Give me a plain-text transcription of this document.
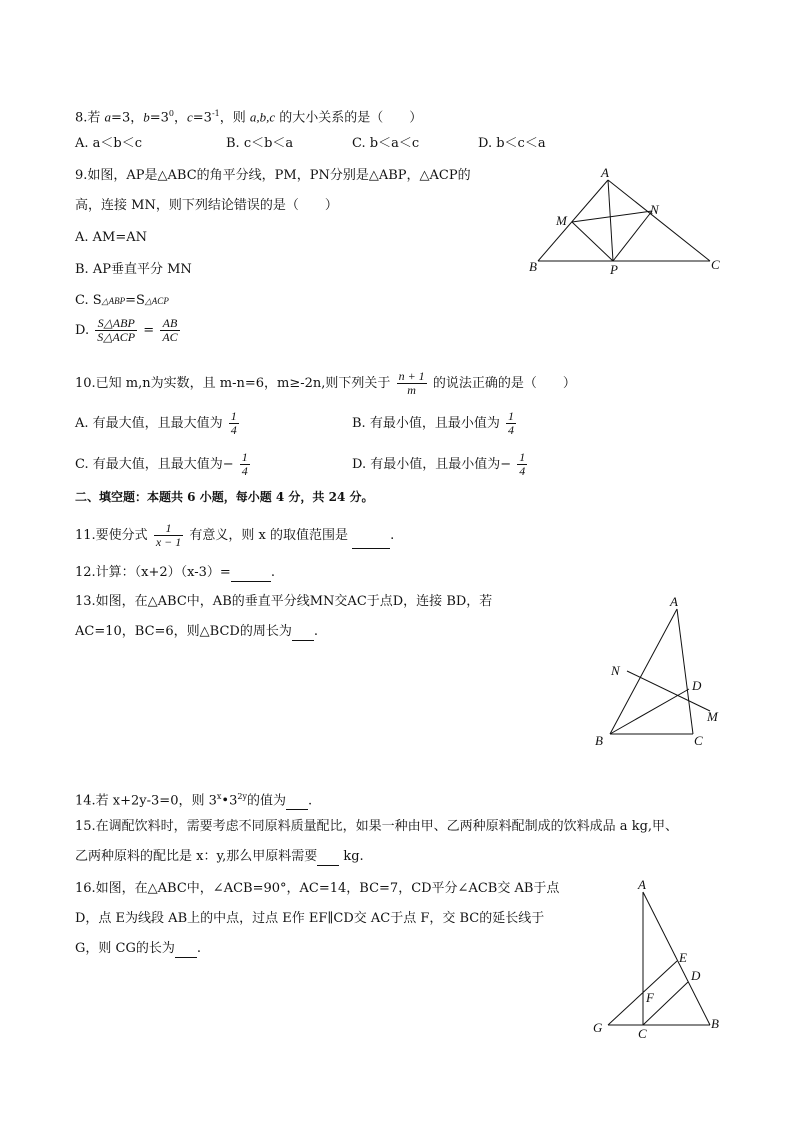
8.若 a=3，$b=3^0$，$c=3^{-1}$，则 a,b,c 的大小关系的是（　　）
A. a＜b＜c	B. c＜b＜a	C. b＜a＜c	D. b＜c＜a
9.如图，AP是△ABC的角平分线，PM，PN分别是△ABP，△ACP的
高，连接 MN，则下列结论错误的是（　　）
A. AM=AN
B. AP垂直平分 MN
C. S△ABP=S△ACP
D. $\frac{\text{S△ABP}}{\text{S△ACP}} = \frac{AB}{AC}$
A
M
N
B	P	C
10.已知 m,n为实数，且 m-n=6，m≥-2n,则下列关于 $\frac{n + 1}{m}$ 的说法正确的是（　　）
A. 有最大值，且最大值为 $\frac{1}{4}$	B. 有最小值，且最小值为 $\frac{1}{4}$
C. 有最大值，且最大值为− $\frac{1}{4}$	D. 有最小值，且最小值为− $\frac{1}{4}$
二、填空题：本题共 6 小题，每小题 4 分，共 24 分。
11.要使分式 $\frac{1}{x - 1}$ 有意义，则 x 的取值范围是	.
12.计算：（x+2）（x-3）=	.
13.如图，在△ABC中，AB的垂直平分线MN交AC于点D，连接 BD，若
AC=10，BC=6，则△BCD的周长为 .
A
N
D
M
B	C
14.若 x+2y-3=0，则 $3^x•3^{2y}$的值为 .
15.在调配饮料时，需要考虑不同原料质量配比，如果一种由甲、乙两种原料配制成的饮料成品 a kg,甲、
乙两种原料的配比是 x：y,那么甲原料需要 kg.
16.如图，在△ABC中，∠ACB=90°，AC=14，BC=7，CD平分∠ACB交 AB于点
D，点 E为线段 AB上的中点，过点 E作 EF∥CD交 AC于点 F，交 BC的延长线于
G，则 CG的长为 .
A
E
D
F
G	C
B
